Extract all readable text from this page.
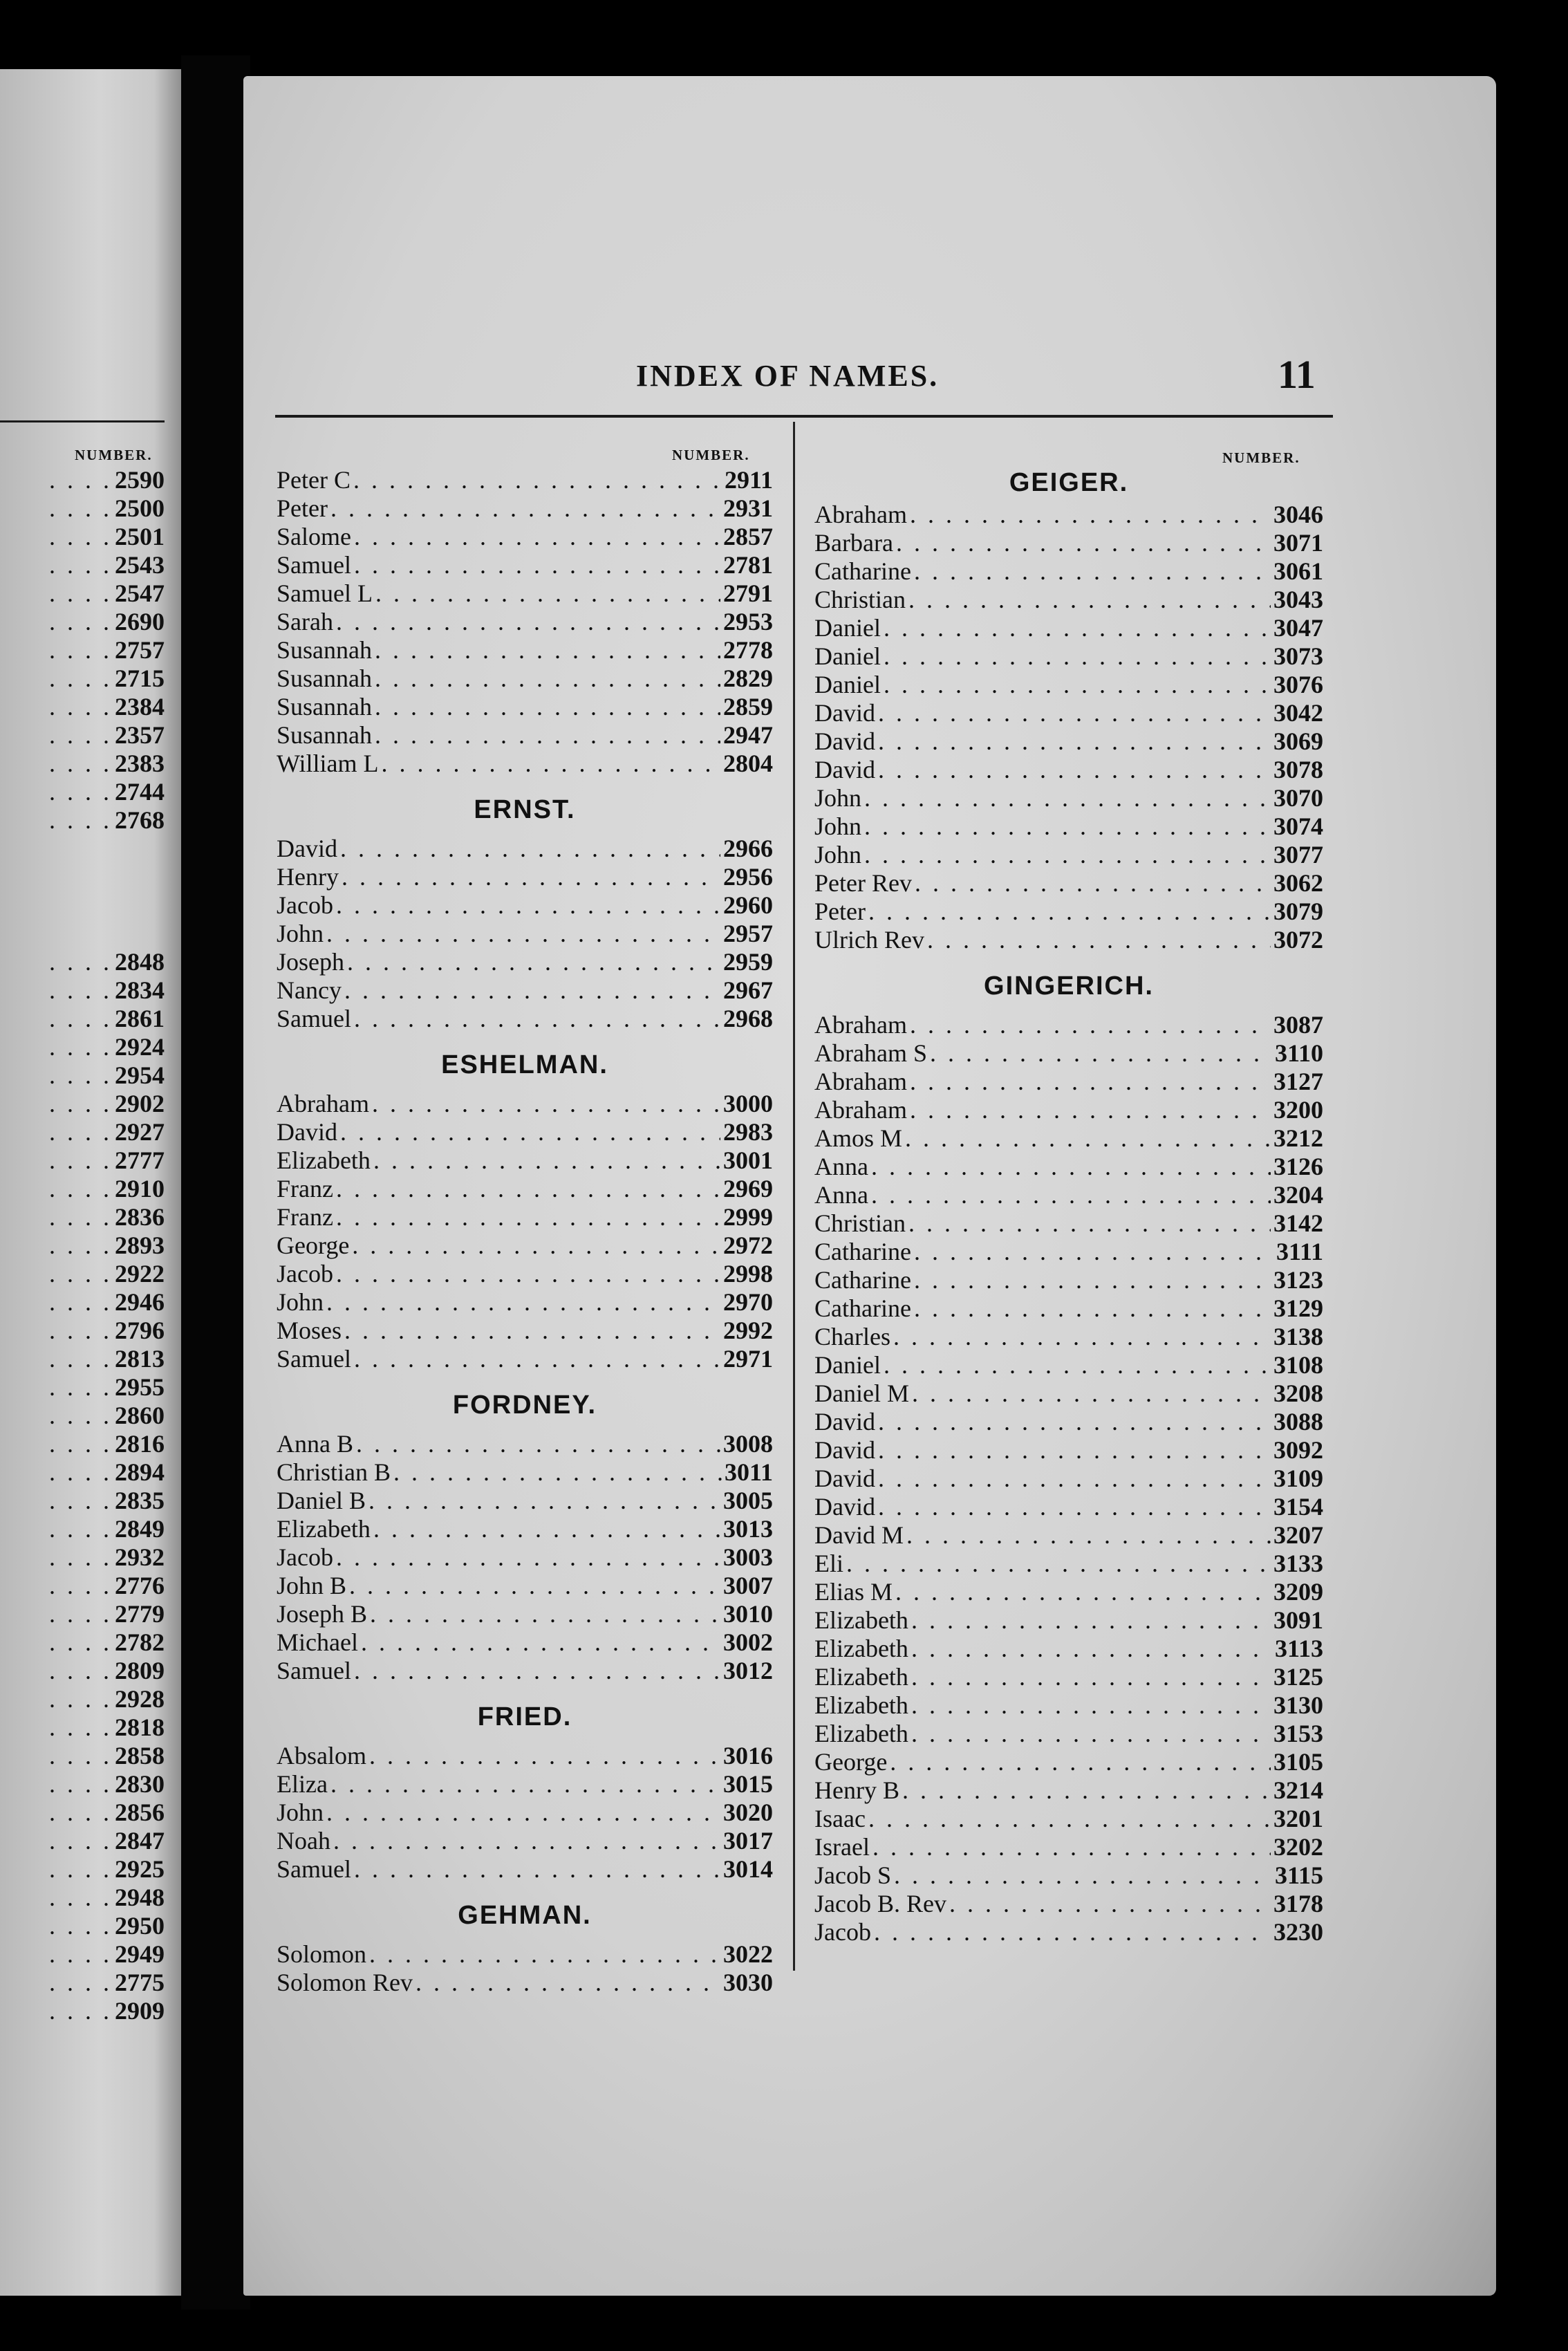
INDEX OF NAMES.	11
NUMBER.	NUMBER.	NUMBER.
. . . . 2590
. . . . 2500
. . . . 2501
. . . . 2543
. . . . 2547
. . . . 2690
. . . . 2757
. . . . 2715
. . . . 2384
. . . . 2357
. . . . 2383
. . . . 2744
. . . . 2768
. . . . 2848
. . . . 2834
. . . . 2861
. . . . 2924
. . . . 2954
. . . . 2902
. . . . 2927
. . . . 2777
. . . . 2910
. . . . 2836
. . . . 2893
. . . . 2922
. . . . 2946
. . . . 2796
. . . . 2813
. . . . 2955
. . . . 2860
. . . . 2816
. . . . 2894
. . . . 2835
. . . . 2849
. . . . 2932
. . . . 2776
. . . . 2779
. . . . 2782
. . . . 2809
. . . . 2928
. . . . 2818
. . . . 2858
. . . . 2830
. . . . 2856
. . . . 2847
. . . . 2925
. . . . 2948
. . . . 2950
. . . . 2949
. . . . 2775
. . . . 2909
Peter C . . .	2911
Peter . . .	2931
Salome . . .	2857
Samuel . . .	2781
Samuel L . . .	2791
Sarah . . .	2953
Susannah . . .	2778
Susannah . . .	2829
Susannah . . .	2859
Susannah . . .	2947
William L . . .	2804
ERNST.
David . . .	2966
Henry . . .	2956
Jacob . . .	2960
John . . .	2957
Joseph . . .	2959
Nancy . . .	2967
Samuel . . .	2968
ESHELMAN.
Abraham . . .	3000
David . . .	2983
Elizabeth . . .	3001
Franz . . .	2969
Franz . . .	2999
George . . .	2972
Jacob . . .	2998
John . . .	2970
Moses . . .	2992
Samuel . . .	2971
FORDNEY.
Anna B . . .	3008
Christian B . . .	3011
Daniel B . . .	3005
Elizabeth . . .	3013
Jacob . . .	3003
John B . . .	3007
Joseph B . . .	3010
Michael . . .	3002
Samuel . . .	3012
FRIED.
Absalom . . .	3016
Eliza . . .	3015
John . . .	3020
Noah . . .	3017
Samuel . . .	3014
GEHMAN.
Solomon . . .	3022
Solomon Rev . . .	3030
GEIGER.
Abraham . . .	3046
Barbara . . .	3071
Catharine . . .	3061
Christian . . .	3043
Daniel . . .	3047
Daniel . . .	3073
Daniel . . .	3076
David . . .	3042
David . . .	3069
David . . .	3078
John . . .	3070
John . . .	3074
John . . .	3077
Peter Rev . . .	3062
Peter . . .	3079
Ulrich Rev . . .	3072
GINGERICH.
Abraham . . .	3087
Abraham S . . .	3110
Abraham . . .	3127
Abraham . . .	3200
Amos M . . .	3212
Anna . . .	3126
Anna . . .	3204
Christian . . .	3142
Catharine . . .	3111
Catharine . . .	3123
Catharine . . .	3129
Charles . . .	3138
Daniel . . .	3108
Daniel M . . .	3208
David . . .	3088
David . . .	3092
David . . .	3109
David . . .	3154
David M . . .	3207
Eli . . .	3133
Elias M . . .	3209
Elizabeth . . .	3091
Elizabeth . . .	3113
Elizabeth . . .	3125
Elizabeth . . .	3130
Elizabeth . . .	3153
George . . .	3105
Henry B . . .	3214
Isaac . . .	3201
Israel . . .	3202
Jacob S . . .	3115
Jacob B. Rev . . .	3178
Jacob . . .	3230
